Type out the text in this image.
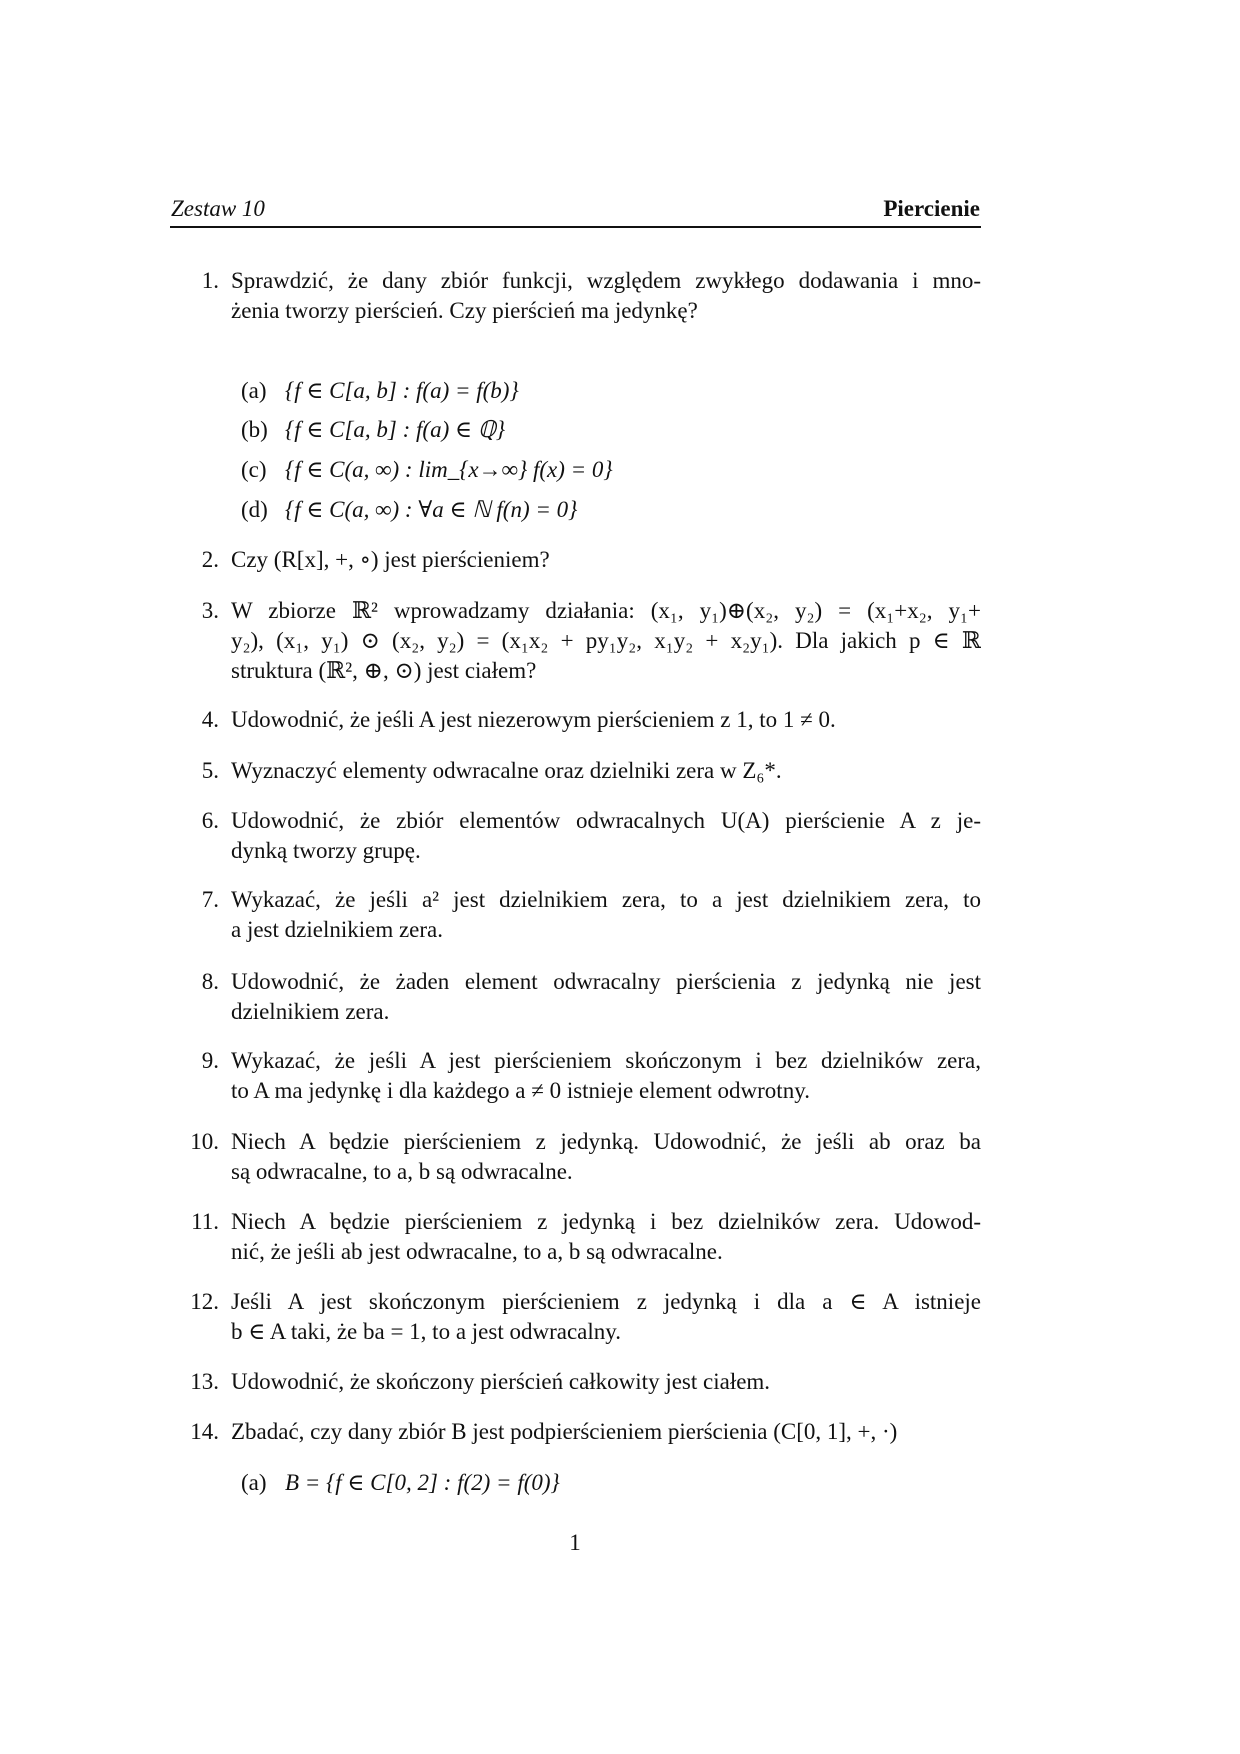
Zestaw 10	Piercienie
1. Sprawdzić, że dany zbiór funkcji, względem zwykłego dodawania i mno-
żenia tworzy pierścień. Czy pierścień ma jedynkę?
2. Czy (R[x], +, ∘) jest pierścieniem?
3. W zbiorze ℝ² wprowadzamy działania: (x₁, y₁)⊕(x₂, y₂) = (x₁+x₂, y₁+
y₂), (x₁, y₁) ⊙ (x₂, y₂) = (x₁x₂ + py₁y₂, x₁y₂ + x₂y₁). Dla jakich p ∈ ℝ
struktura (ℝ², ⊕, ⊙) jest ciałem?
4. Udowodnić, że jeśli A jest niezerowym pierścieniem z 1, to 1 ≠ 0.
5. Wyznaczyć elementy odwracalne oraz dzielniki zera w Z₆*.
6. Udowodnić, że zbiór elementów odwracalnych U(A) pierścienie A z je-
dynką tworzy grupę.
7. Wykazać, że jeśli a² jest dzielnikiem zera, to a jest dzielnikiem zera, to
a jest dzielnikiem zera.
8. Udowodnić, że żaden element odwracalny pierścienia z jedynką nie jest
dzielnikiem zera.
9. Wykazać, że jeśli A jest pierścieniem skończonym i bez dzielników zera,
to A ma jedynkę i dla każdego a ≠ 0 istnieje element odwrotny.
10. Niech A będzie pierścieniem z jedynką. Udowodnić, że jeśli ab oraz ba
są odwracalne, to a, b są odwracalne.
11. Niech A będzie pierścieniem z jedynką i bez dzielników zera. Udowod-
nić, że jeśli ab jest odwracalne, to a, b są odwracalne.
12. Jeśli A jest skończonym pierścieniem z jedynką i dla a ∈ A istnieje
b ∈ A taki, że ba = 1, to a jest odwracalny.
13. Udowodnić, że skończony pierścień całkowity jest ciałem.
14. Zbadać, czy dany zbiór B jest podpierścieniem pierścienia (C[0, 1], +, ·)
(a) {f ∈ C[a, b] : f(a) = f(b)}
(b) {f ∈ C[a, b] : f(a) ∈ ℚ}
(c) {f ∈ C(a, ∞) : lim_{x→∞} f(x) = 0}
(d) {f ∈ C(a, ∞) : ∀a ∈ ℕ f(n) = 0}
(a) B = {f ∈ C[0, 2] : f(2) = f(0)}
1
